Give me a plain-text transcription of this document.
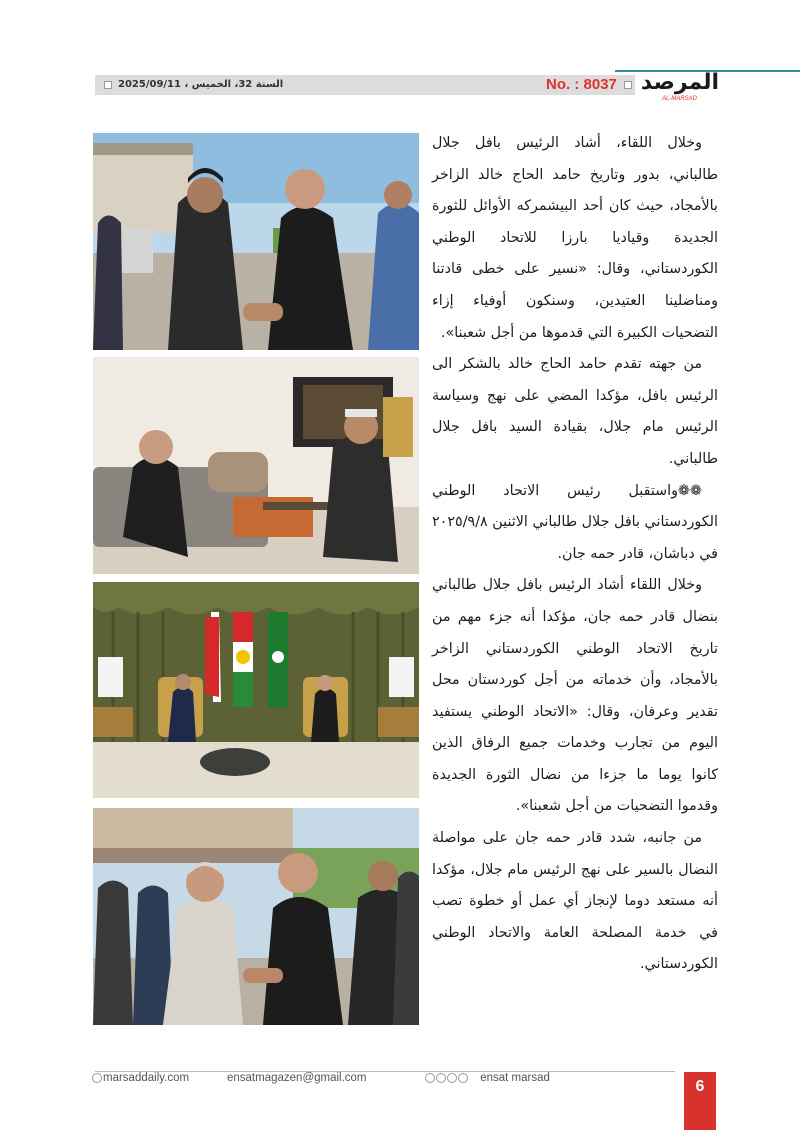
السنة 32، الخميس ، 2025/09/11	No. : 8037 المرصد
AL-MARSAD

وخلال اللقاء، أشاد الرئيس بافل جلال طالباني، بدور وتاريخ حامد الحاج خالد الزاخر بالأمجاد، حيث كان أحد البيشمركه الأوائل للثورة الجديدة وقياديا بارزا للاتحاد الوطني الكوردستاني، وقال: «نسير على خطى قادتنا ومناضلينا العتيدين، وسنكون أوفياء إزاء التضحيات الكبيرة التي قدموها من أجل شعبنا».

من جهته تقدم حامد الحاج خالد بالشكر الى الرئيس بافل، مؤكدا المضي على نهج وسياسة الرئيس مام جلال، بقيادة السيد بافل جلال طالباني.

❁❁واستقبل رئيس الاتحاد الوطني الكوردستاني بافل جلال طالباني الاثنين ٢٠٢٥/٩/٨ في دباشان، قادر حمه جان.

وخلال اللقاء أشاد الرئيس بافل جلال طالباني بنضال قادر حمه جان، مؤكدا أنه جزء مهم من تاريخ الاتحاد الوطني الكوردستاني الزاخر بالأمجاد، وأن خدماته من أجل كوردستان محل تقدير وعرفان، وقال: «الاتحاد الوطني يستفيد اليوم من تجارب وخدمات جميع الرفاق الذين كانوا يوما ما جزءا من نضال الثورة الجديدة وقدموا التضحيات من أجل شعبنا».

من جانبه، شدد قادر حمه جان على مواصلة النضال بالسير على نهج الرئيس مام جلال، مؤكدا أنه مستعد دوما لإنجاز أي عمل أو خطوة تصب في خدمة المصلحة العامة والاتحاد الوطني الكوردستاني.

marsaddaily.com	ensatmagazen@gmail.com	ensat marsad	6
